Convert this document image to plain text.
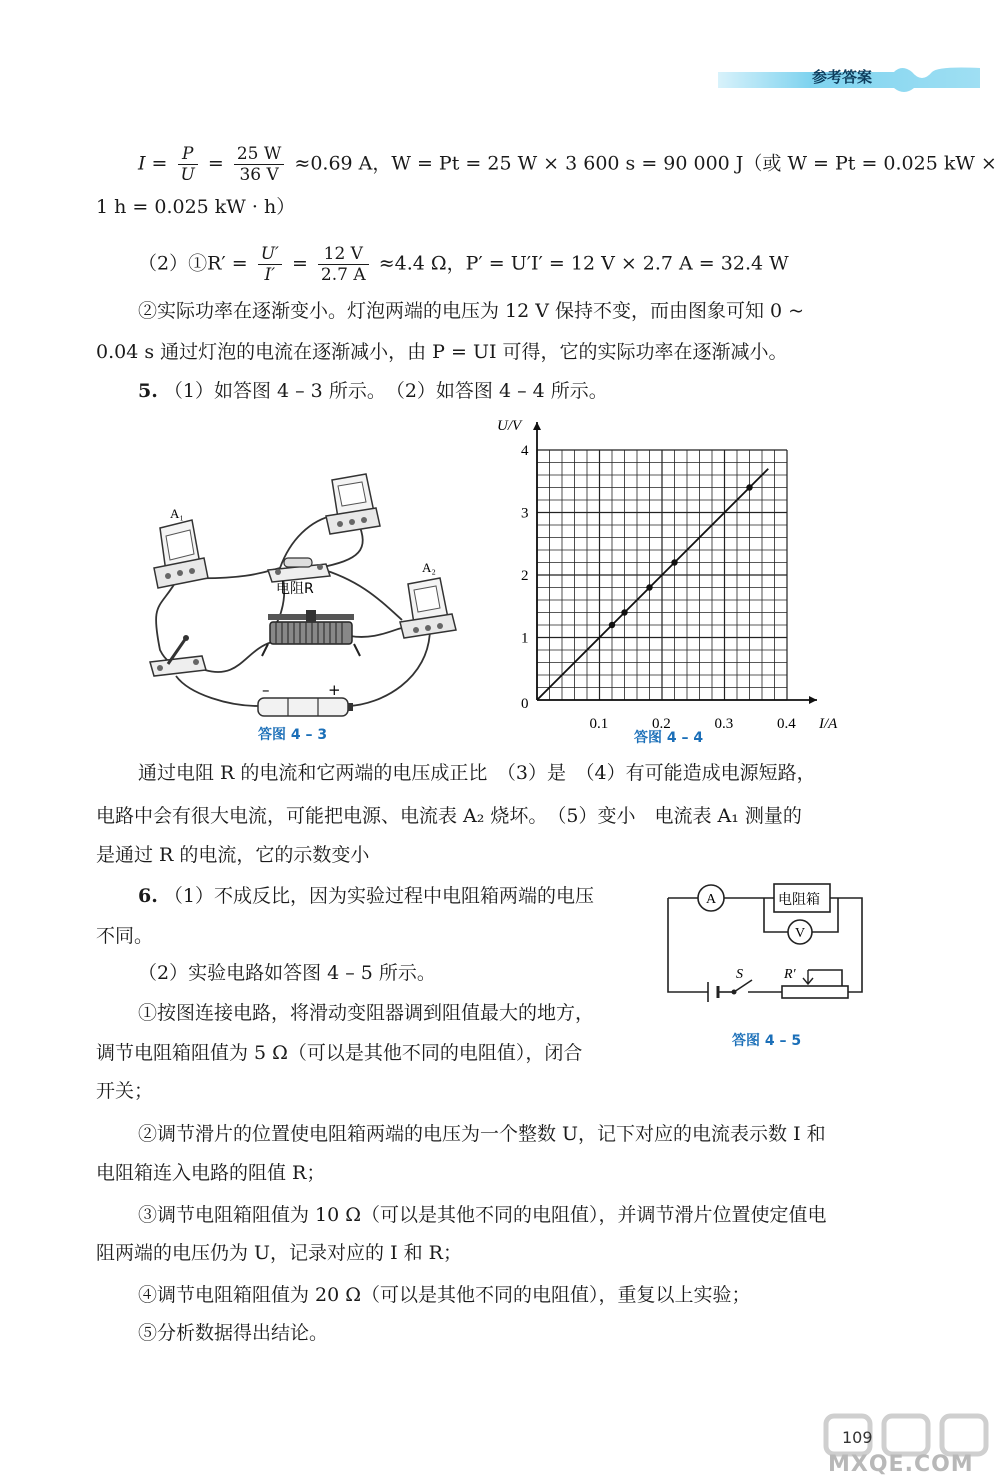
参考答案
$I = \frac{P}{U} = \frac{25 W}{36 V} \approx 0.69$ A，W = Pt = 25 W × 3 600 s = 90 000 J（或 W = Pt = 0.025 kW ×
1 h = 0.025 kW · h）
（2）①R′ = $\frac{U'}{I'} = \frac{12 V}{2.7 A} \approx 4.4$ Ω，P′ = U′I′ = 12 V × 2.7 A = 32.4 W
②实际功率在逐渐变小。灯泡两端的电压为 12 V 保持不变，而由图象可知 0 ~
0.04 s 通过灯泡的电流在逐渐减小，由 P = UI 可得，它的实际功率在逐渐减小。
5. （1）如答图 4 – 3 所示。　（2）如答图 4 – 4 所示。
A₁
电阻R
A₂
–	+
答图 4 – 3
I/A
U/V
0
0.1	0.2	0.3	0.4
1
2
3
4
答图 4 – 4
通过电阻 R 的电流和它两端的电压成正比　（3）是　（4）有可能造成电源短路，
电路中会有很大电流，可能把电源、电流表 A₂ 烧坏。　（5）变小　电流表 A₁ 测量的
是通过 R 的电流，它的示数变小
6. （1）不成反比，因为实验过程中电阻箱两端的电压
不同。
（2）实验电路如答图 4 – 5 所示。
①按图连接电路，将滑动变阻器调到阻值最大的地方，
调节电阻箱阻值为 5 Ω（可以是其他不同的电阻值），闭合
开关；
A	电阻箱
V
S	R′
答图 4 – 5
②调节滑片的位置使电阻箱两端的电压为一个整数 U，记下对应的电流表示数 I 和
电阻箱连入电路的阻值 R；
③调节电阻箱阻值为 10 Ω（可以是其他不同的电阻值），并调节滑片位置使定值电
阻两端的电压仍为 U，记录对应的 I 和 R；
④调节电阻箱阻值为 20 Ω（可以是其他不同的电阻值），重复以上实验；
⑤分析数据得出结论。
MXQE.COM
109
